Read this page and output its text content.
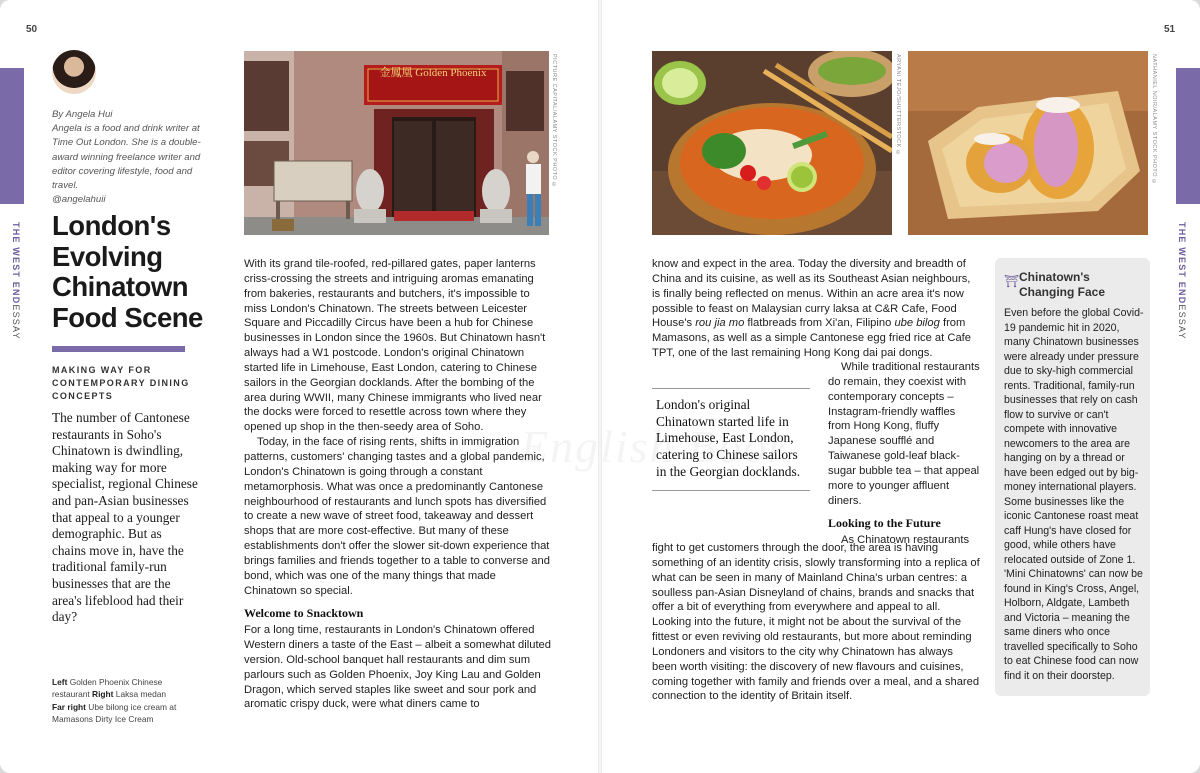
50
THE WEST ENDESSAY

By Angela Hui
Angela is a food and drink writer at Time Out London. She is a double-award winning freelance writer and editor covering lifestyle, food and travel.
@angelahuii

London's Evolving Chinatown Food Scene

MAKING WAY FOR CONTEMPORARY DINING CONCEPTS

The number of Cantonese restaurants in Soho's Chinatown is dwindling, making way for more specialist, regional Chinese and pan-Asian businesses that appeal to a younger demographic. But as chains move in, have the traditional family-run businesses that are the area's lifeblood had their day?

Left Golden Phoenix Chinese restaurant Right Laksa medan
Far right Ube bilong ice cream at Mamasons Dirty Ice Cream

金鳳凰 Golden Phoenix	PICTURE CAPITAL/ALAMY STOCK PHOTO ©

With its grand tile-roofed, red-pillared gates, paper lanterns criss-crossing the streets and intriguing aromas emanating from bakeries, restaurants and butchers, it's impossible to miss London's Chinatown. The streets between Leicester Square and Piccadilly Circus have been a hub for Chinese businesses in London since the 1960s. But Chinatown hasn't always had a W1 postcode. London's original Chinatown started life in Limehouse, East London, catering to Chinese sailors in the Georgian docklands. After the bombing of the area during WWII, many Chinese immigrants who lived near the docks were forced to resettle across town where they opened up shop in the then-seedy area of Soho.

Today, in the face of rising rents, shifts in immigration patterns, customers' changing tastes and a global pandemic, London's Chinatown is going through a constant metamorphosis. What was once a predominantly Cantonese neighbourhood of restaurants and lunch spots has diversified to create a new wave of street food, takeaway and dessert shops that are more cost-effective. But many of these establishments don't offer the slower sit-down experience that brings families and friends together to a table to converse and bond, which was one of the many things that made Chinatown so special.

Welcome to Snacktown

For a long time, restaurants in London's Chinatown offered Western diners a taste of the East – albeit a somewhat diluted version. Old-school banquet hall restaurants and dim sum parlours such as Golden Phoenix, Joy King Lau and Golden Dragon, which served staples like sweet and sour pork and aromatic crispy duck, were what diners came to

51
THE WEST ENDESSAY
ARYANI TEJO/SHUTTERSTOCK ©	NATHANIEL NOIR/ALAMY STOCK PHOTO ©

know and expect in the area. Today the diversity and breadth of China and its cuisine, as well as its Southeast Asian neighbours, is finally being reflected on menus. Within an acre area it's now possible to feast on Malaysian curry laksa at C&R Cafe, Food House's rou jia mo flatbreads from Xi'an, Filipino ube bilog from Mamasons, as well as a simple Cantonese egg fried rice at Cafe TPT, one of the last remaining Hong Kong dai pai dongs.

London's original Chinatown started life in Limehouse, East London, catering to Chinese sailors in the Georgian docklands.

While traditional restaurants do remain, they coexist with contemporary concepts – Instagram-friendly waffles from Hong Kong, fluffy Japanese soufflé and Taiwanese gold-leaf black-sugar bubble tea – that appeal more to younger affluent diners.

Looking to the Future

As Chinatown restaurants

fight to get customers through the door, the area is having something of an identity crisis, slowly transforming into a replica of what can be seen in many of Mainland China's urban centres: a soulless pan-Asian Disneyland of chains, brands and snacks that offer a bit of everything from everywhere and appeal to all. Looking into the future, it might not be about the survival of the fittest or even reviving old restaurants, but more about reminding Londoners and visitors to the city why Chinatown has always been worth visiting: the discovery of new flavours and cuisines, coming together with family and friends over a meal, and a shared connection to the identity of Britain itself.

⛩ Chinatown's Changing Face

Even before the global Covid-19 pandemic hit in 2020, many Chinatown businesses were already under pressure due to sky-high commercial rents. Traditional, family-run businesses that rely on cash flow to survive or can't compete with innovative newcomers to the area are hanging on by a thread or have been edged out by big-money international players. Some businesses like the iconic Cantonese roast meat caff Hung's have closed for good, while others have relocated outside of Zone 1. 'Mini Chinatowns' can now be found in King's Cross, Angel, Holborn, Aldgate, Lambeth and Victoria – meaning the same diners who once travelled specifically to Soho to eat Chinese food can now find it on their doorstep.
